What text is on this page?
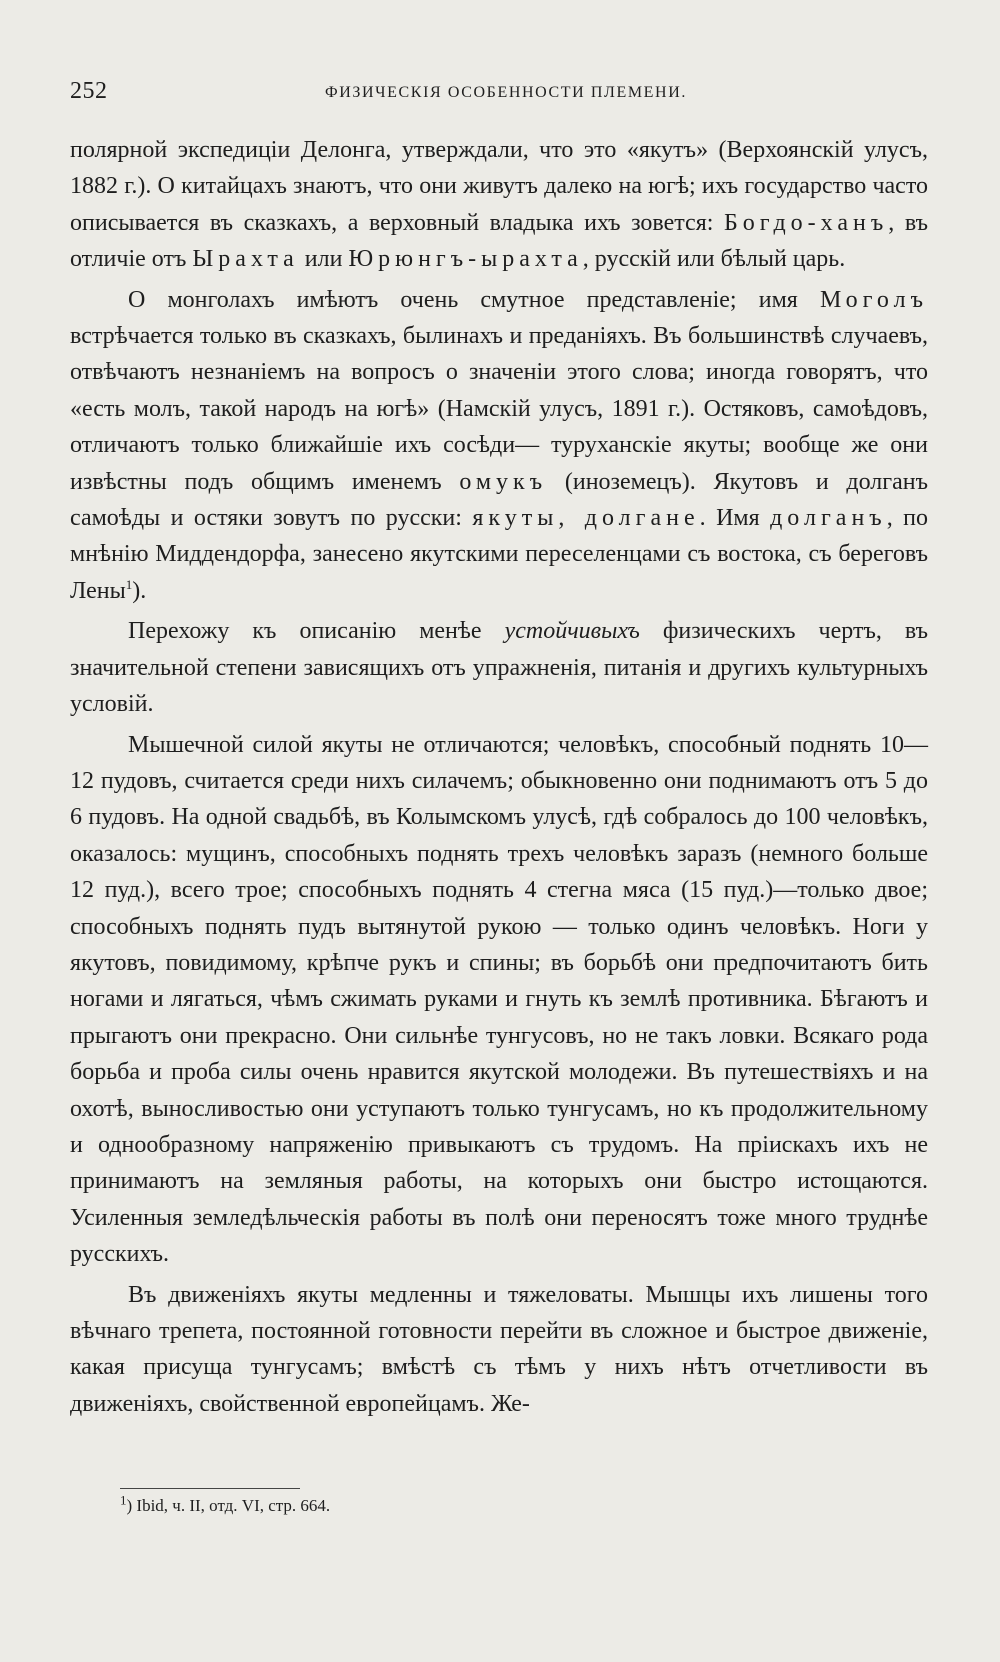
252	ФИЗИЧЕСКІЯ ОСОБЕННОСТИ ПЛЕМЕНИ.

полярной экспедиціи Делонга, утверждали, что это «якутъ» (Верхоянскій улусъ, 1882 г.). О китайцахъ знаютъ, что они живутъ далеко на югѣ; ихъ государство часто описывается въ сказкахъ, а верховный владыка ихъ зовется: Богдо-ханъ, въ отличіе отъ Ырахта или Юрюнгъ-ырахта, русскій или бѣлый царь.

О монголахъ имѣютъ очень смутное представленіе; имя Моголъ встрѣчается только въ сказкахъ, былинахъ и преданіяхъ. Въ большинствѣ случаевъ, отвѣчаютъ незнаніемъ на вопросъ о значеніи этого слова; иногда говорятъ, что «есть молъ, такой народъ на югѣ» (Намскій улусъ, 1891 г.). Остяковъ, самоѣдовъ, отличаютъ только ближайшіе ихъ сосѣди— туруханскіе якуты; вообще же они извѣстны подъ общимъ именемъ омукъ (иноземецъ). Якутовъ и долганъ самоѣды и остяки зовутъ по русски: якуты, долгане. Имя долганъ, по мнѣнію Миддендорфа, занесено якутскими переселенцами съ востока, съ береговъ Лены$^1$).

Перехожу къ описанію менѣе устойчивыхъ физическихъ чертъ, въ значительной степени зависящихъ отъ упражненія, питанія и другихъ культурныхъ условій.

Мышечной силой якуты не отличаются; человѣкъ, способный поднять 10—12 пудовъ, считается среди нихъ силачемъ; обыкновенно они поднимаютъ отъ 5 до 6 пудовъ. На одной свадьбѣ, въ Колымскомъ улусѣ, гдѣ собралось до 100 человѣкъ, оказалось: мущинъ, способныхъ поднять трехъ человѣкъ заразъ (немного больше 12 пуд.), всего трое; способныхъ поднять 4 стегна мяса (15 пуд.)—только двое; способныхъ поднять пудъ вытянутой рукою — только одинъ человѣкъ. Ноги у якутовъ, повидимому, крѣпче рукъ и спины; въ борьбѣ они предпочитаютъ бить ногами и лягаться, чѣмъ сжимать руками и гнуть къ землѣ противника. Бѣгаютъ и прыгаютъ они прекрасно. Они сильнѣе тунгусовъ, но не такъ ловки. Всякаго рода борьба и проба силы очень нравится якутской молодежи. Въ путешествіяхъ и на охотѣ, выносливостью они уступаютъ только тунгусамъ, но къ продолжительному и однообразному напряженію привыкаютъ съ трудомъ. На пріискахъ ихъ не принимаютъ на земляныя работы, на которыхъ они быстро истощаются. Усиленныя земледѣльческія работы въ полѣ они переносятъ тоже много труднѣе русскихъ.

Въ движеніяхъ якуты медленны и тяжеловаты. Мышцы ихъ лишены того вѣчнаго трепета, постоянной готовности перейти въ сложное и быстрое движеніе, какая присуща тунгусамъ; вмѣстѣ съ тѣмъ у нихъ нѣтъ отчетливости въ движеніяхъ, свойственной европейцамъ. Же-

$^1$) Ibid, ч. II, отд. VI, стр. 664.
